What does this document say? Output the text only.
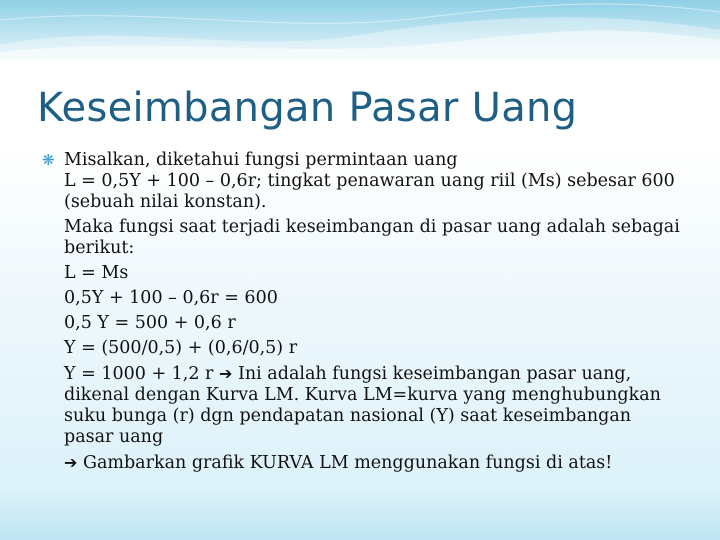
Keseimbangan Pasar Uang
❋ Misalkan, diketahui fungsi permintaan uang
L = 0,5Y + 100 – 0,6r; tingkat penawaran uang riil (Ms) sebesar 600 (sebuah nilai konstan).
Maka fungsi saat terjadi keseimbangan di pasar uang adalah sebagai berikut:
L = Ms
0,5Y + 100 – 0,6r = 600
0,5 Y = 500 + 0,6 r
Y = (500/0,5) + (0,6/0,5) r
Y = 1000 + 1,2 r ➔ Ini adalah fungsi keseimbangan pasar uang, dikenal dengan Kurva LM. Kurva LM=kurva yang menghubungkan suku bunga (r) dgn pendapatan nasional (Y) saat keseimbangan pasar uang
➔ Gambarkan grafik KURVA LM menggunakan fungsi di atas!
